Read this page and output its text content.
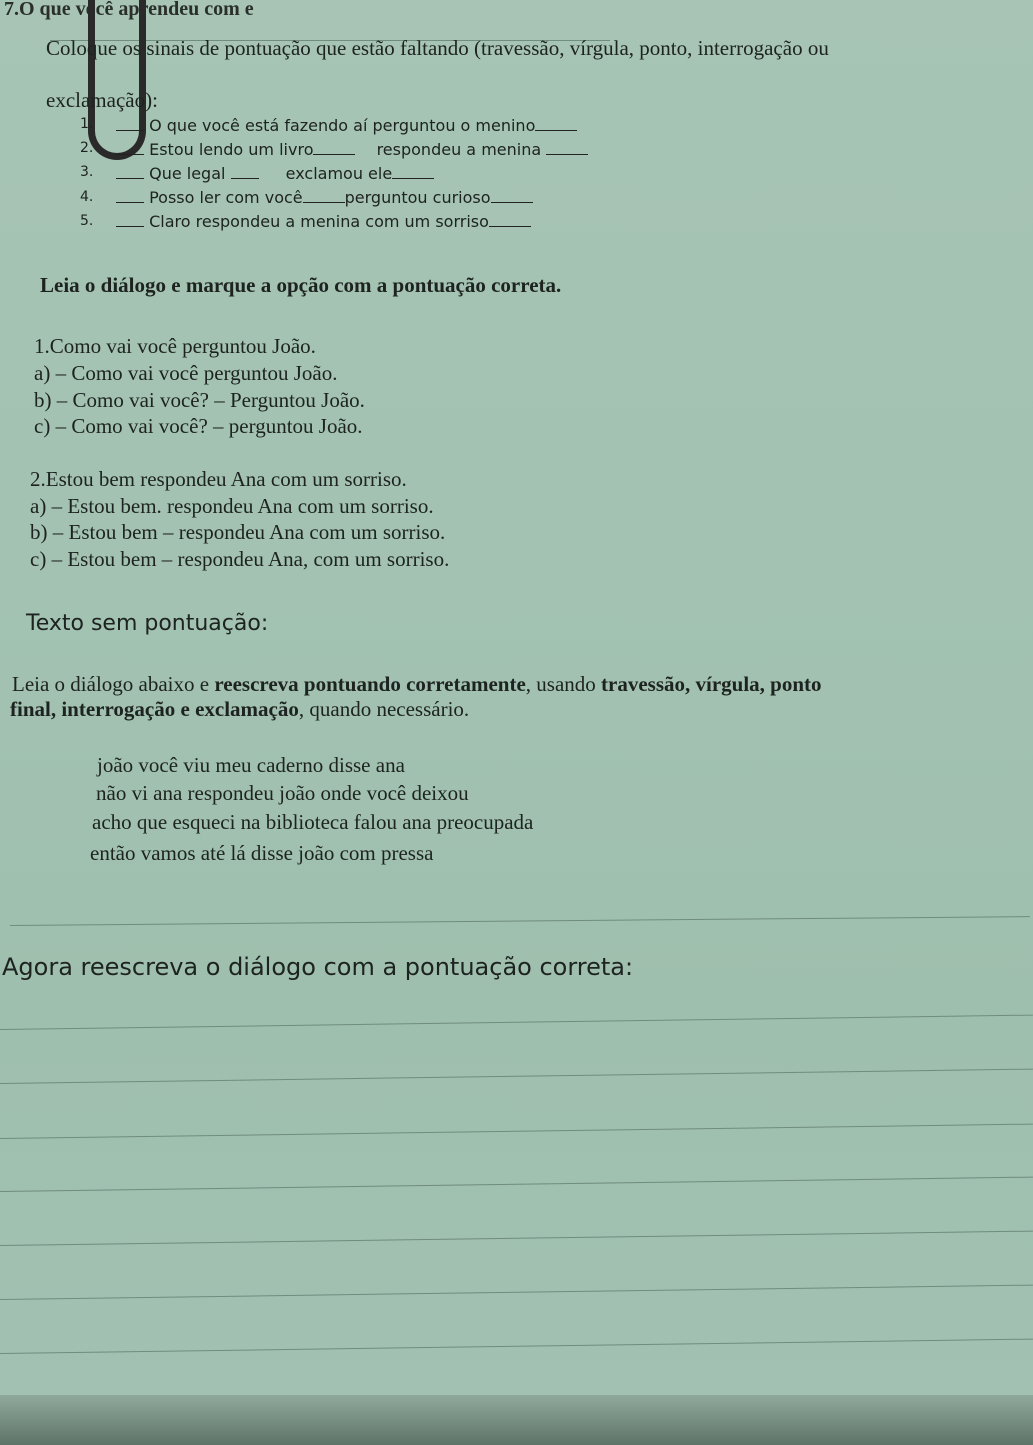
7.O que você aprendeu com e
Coloque os sinais de pontuação que estão faltando (travessão, vírgula, ponto, interrogação ou
exclamação):
1.	O que você está fazendo aí perguntou o menino
2.	Estou lendo um livro	respondeu a menina
3.	Que legal	exclamou ele
4.	Posso ler com você	perguntou curioso
5.	Claro respondeu a menina com um sorriso
Leia o diálogo e marque a opção com a pontuação correta.
1.Como vai você perguntou João.
a) – Como vai você perguntou João.
b) – Como vai você? – Perguntou João.
c) – Como vai você? – perguntou João.
2.Estou bem respondeu Ana com um sorriso.
a) – Estou bem. respondeu Ana com um sorriso.
b) – Estou bem – respondeu Ana com um sorriso.
c) – Estou bem – respondeu Ana, com um sorriso.
Texto sem pontuação:
Leia o diálogo abaixo e reescreva pontuando corretamente, usando travessão, vírgula, ponto
final, interrogação e exclamação, quando necessário.
joão você viu meu caderno disse ana
não vi ana respondeu joão onde você deixou
acho que esqueci na biblioteca falou ana preocupada
então vamos até lá disse joão com pressa
Agora reescreva o diálogo com a pontuação correta:
